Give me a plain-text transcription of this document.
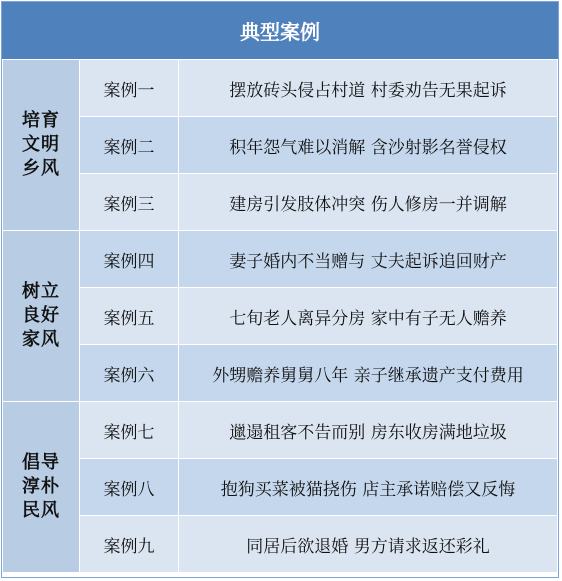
典型案例
培育文明乡风	案例一	摆放砖头侵占村道 村委劝告无果起诉
	案例二	积年怨气难以消解 含沙射影名誉侵权
	案例三	建房引发肢体冲突 伤人修房一并调解

树立良好家风	案例四	妻子婚内不当赠与 丈夫起诉追回财产
	案例五	七旬老人离异分房 家中有子无人赡养
	案例六	外甥赡养舅舅八年 亲子继承遗产支付费用

倡导淳朴民风	案例七	邋遢租客不告而别 房东收房满地垃圾
	案例八	抱狗买菜被猫挠伤 店主承诺赔偿又反悔
	案例九	同居后欲退婚 男方请求返还彩礼
